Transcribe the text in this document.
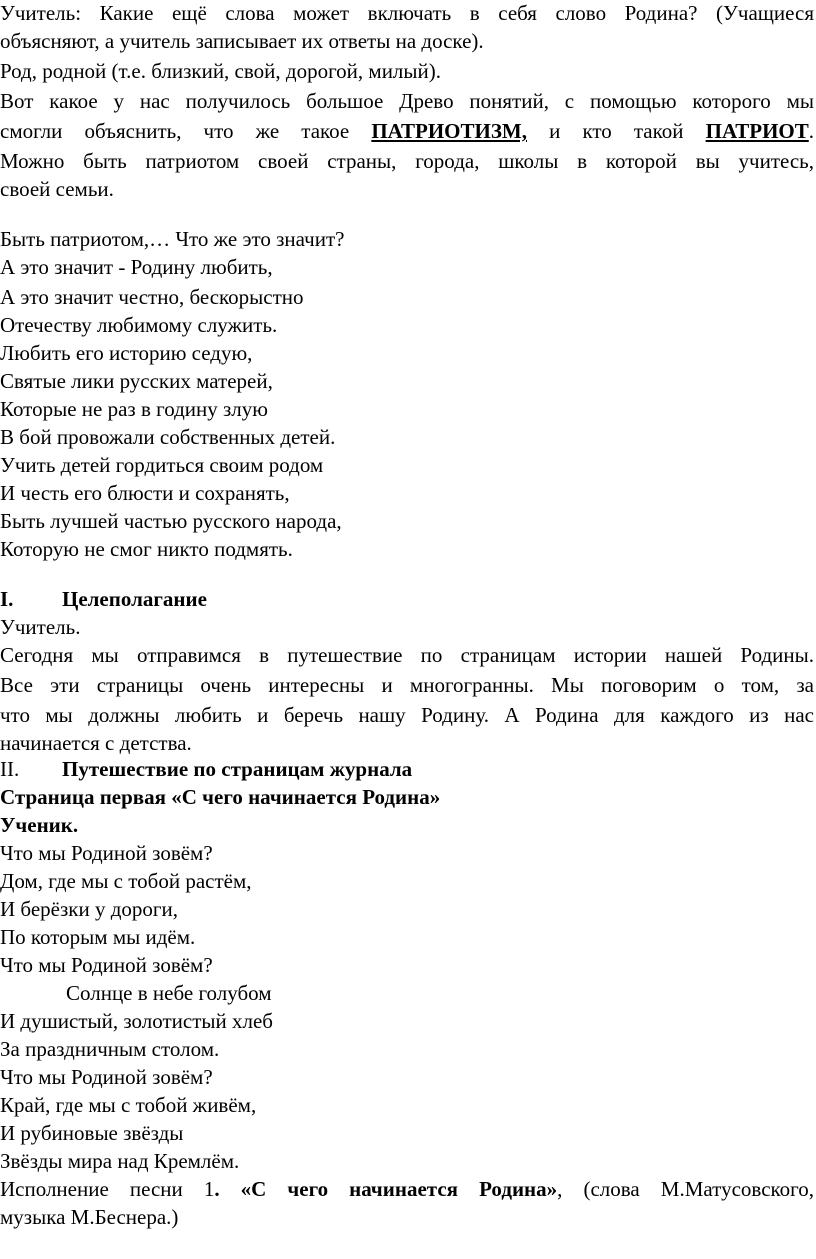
Учитель: Какие ещё слова может включать в себя слово Родина? (Учащиеся
объясняют, а учитель записывает их ответы на доске).
Род, родной (т.е. близкий, свой, дорогой, милый).
Вот какое у нас получилось большое Древо понятий, с помощью которого мы
смогли объяснить, что же такое ПАТРИОТИЗМ, и кто такой ПАТРИОТ.
Можно быть патриотом своей страны, города, школы в которой вы учитесь,
своей семьи.
Быть патриотом,… Что же это значит?
А это значит - Родину любить,
А это значит честно, бескорыстно
Отечеству любимому служить.
Любить его историю седую,
Святые лики русских матерей,
Которые не раз в годину злую
В бой провожали собственных детей.
Учить детей гордиться своим родом
И честь его блюсти и сохранять,
Быть лучшей частью русского народа,
Которую не смог никто подмять.
I. Целеполагание
Учитель.
Сегодня мы отправимся в путешествие по страницам истории нашей Родины.
Все эти страницы очень интересны и многогранны. Мы поговорим о том, за
что мы должны любить и беречь нашу Родину. А Родина для каждого из нас
начинается с детства.
II. Путешествие по страницам журнала
Страница первая «С чего начинается Родина»
Ученик.
Что мы Родиной зовём?
Дом, где мы с тобой растём,
И берёзки у дороги,
По которым мы идём.
Что мы Родиной зовём?
Солнце в небе голубом
И душистый, золотистый хлеб
За праздничным столом.
Что мы Родиной зовём?
Край, где мы с тобой живём,
И рубиновые звёзды
Звёзды мира над Кремлём.
Исполнение песни 1. «С чего начинается Родина», (слова М.Матусовского,
музыка М.Беснера.)
